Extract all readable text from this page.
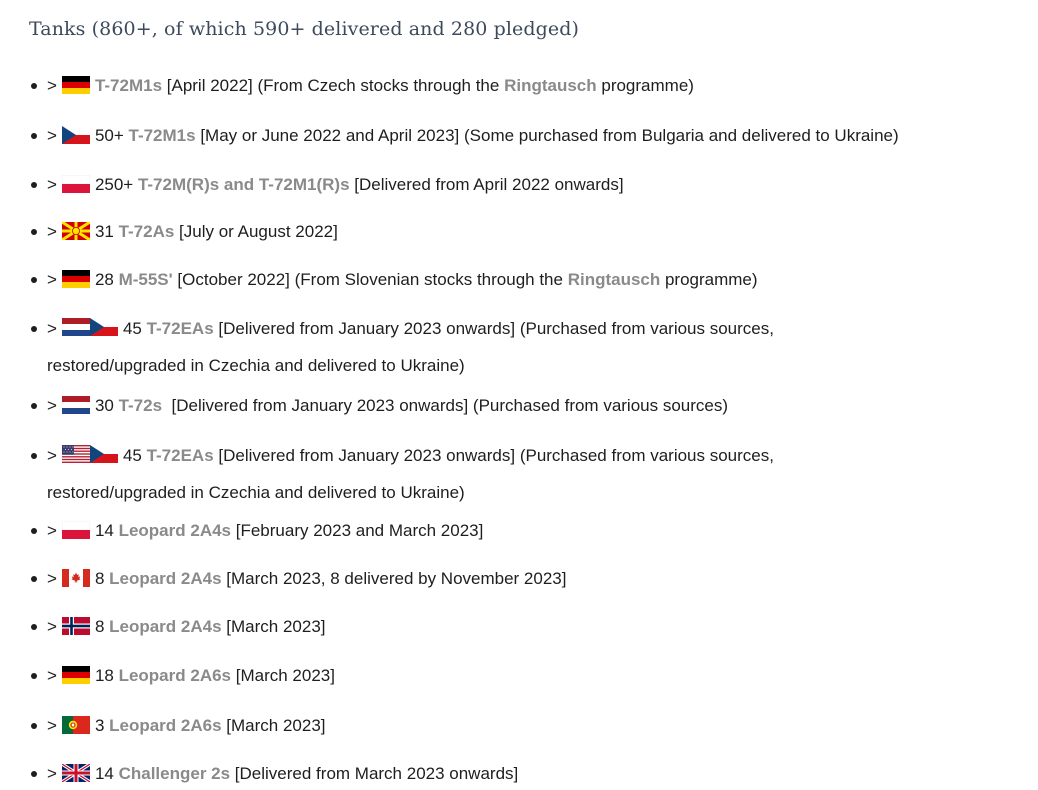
Tanks (860+, of which 590+ delivered and 280 pledged)
> T-72M1s [April 2022] (From Czech stocks through the Ringtausch programme)
> 50+ T-72M1s [May or June 2022 and April 2023] (Some purchased from Bulgaria and delivered to Ukraine)
> 250+ T-72M(R)s and T-72M1(R)s [Delivered from April 2022 onwards]
> 31 T-72As [July or August 2022]
> 28 M-55S' [October 2022] (From Slovenian stocks through the Ringtausch programme)
>	45 T-72EAs [Delivered from January 2023 onwards] (Purchased from various sources,
restored/upgraded in Czechia and delivered to Ukraine)
> 30 T-72s  [Delivered from January 2023 onwards] (Purchased from various sources)
>	45 T-72EAs [Delivered from January 2023 onwards] (Purchased from various sources,
restored/upgraded in Czechia and delivered to Ukraine)
> 14 Leopard 2A4s [February 2023 and March 2023]
> 8 Leopard 2A4s [March 2023, 8 delivered by November 2023]
> 8 Leopard 2A4s [March 2023]
> 18 Leopard 2A6s [March 2023]
> 3 Leopard 2A6s [March 2023]
> 14 Challenger 2s [Delivered from March 2023 onwards]
